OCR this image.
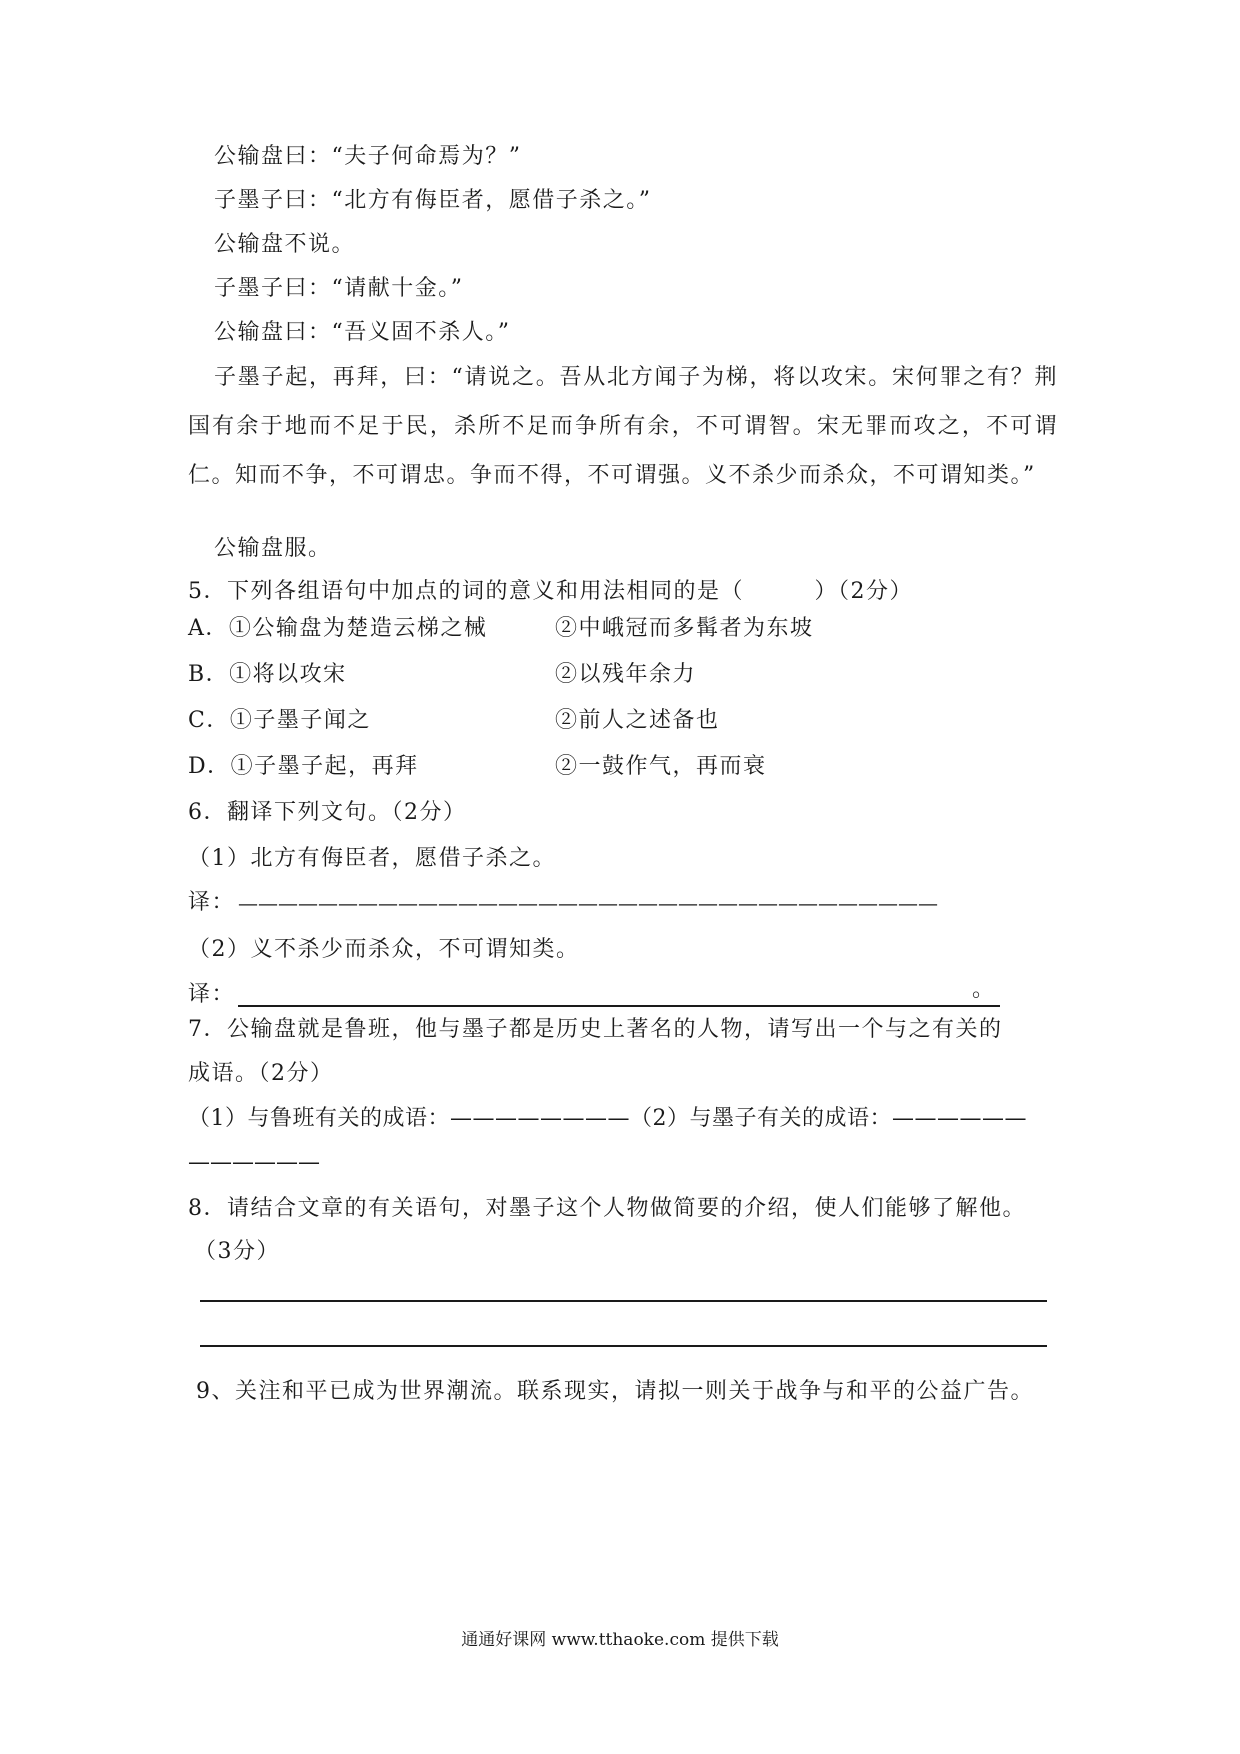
公输盘曰：“夫子何命焉为？”
子墨子曰：“北方有侮臣者，愿借子杀之。”
公输盘不说。
子墨子曰：“请献十金。”
公输盘曰：“吾义固不杀人。”
子墨子起，再拜，曰：“请说之。吾从北方闻子为梯，将以攻宋。宋何罪之有？荆国有余于地而不足于民，杀所不足而争所有余，不可谓智。宋无罪而攻之，不可谓仁。知而不争，不可谓忠。争而不得，不可谓强。义不杀少而杀众，不可谓知类。”
公输盘服。
5．下列各组语句中加点的词的意义和用法相同的是（　　　）（2分）
A．①公输盘为楚造云梯之械	②中峨冠而多髯者为东坡
B．①将以攻宋	②以残年余力
C．①子墨子闻之	②前人之述备也
D．①子墨子起，再拜	②一鼓作气，再而衰
6．翻译下列文句。（2分）
（1）北方有侮臣者，愿借子杀之。
译： ———————————————————————————————————
（2）义不杀少而杀众，不可谓知类。
译：	。
7．公输盘就是鲁班，他与墨子都是历史上著名的人物，请写出一个与之有关的
成语。（2分）
（1）与鲁班有关的成语：————————（2）与墨子有关的成语：——————
——————
8．请结合文章的有关语句，对墨子这个人物做简要的介绍，使人们能够了解他。
（3分）
9、关注和平已成为世界潮流。联系现实，请拟一则关于战争与和平的公益广告。
通通好课网 www.tthaoke.com 提供下载
